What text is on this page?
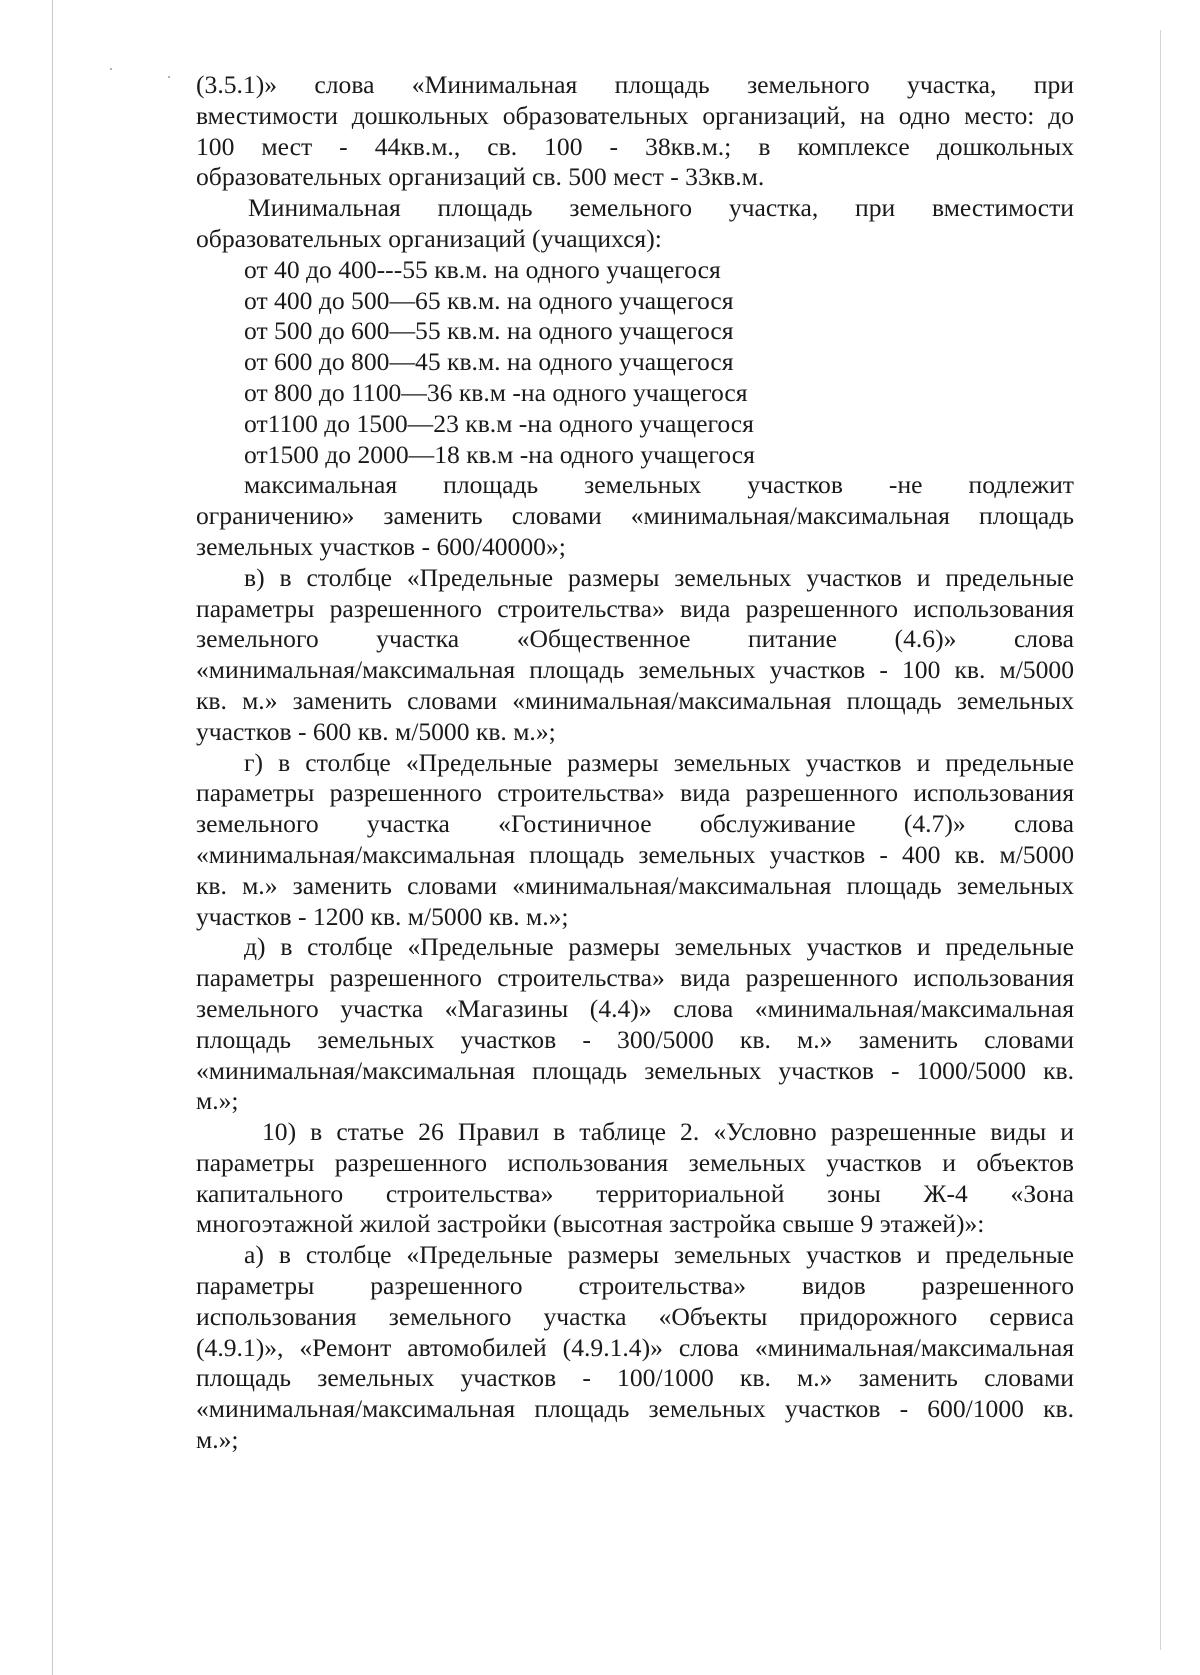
(3.5.1)» слова «Минимальная площадь земельного участка, при
вместимости дошкольных образовательных организаций, на одно место: до
100 мест - 44кв.м., св. 100 - 38кв.м.; в комплексе дошкольных
образовательных организаций св. 500 мест - 33кв.м.
Минимальная площадь земельного участка, при вместимости
образовательных организаций (учащихся):
от 40 до 400---55 кв.м. на одного учащегося
от 400 до 500—65 кв.м. на одного учащегося
от 500 до 600—55 кв.м. на одного учащегося
от 600 до 800—45 кв.м. на одного учащегося
от 800 до 1100—36 кв.м -на одного учащегося
от1100 до 1500—23 кв.м -на одного учащегося
от1500 до 2000—18 кв.м -на одного учащегося
максимальная площадь земельных участков -не подлежит
ограничению» заменить словами «минимальная/максимальная площадь
земельных участков - 600/40000»;
в) в столбце «Предельные размеры земельных участков и предельные
параметры разрешенного строительства» вида разрешенного использования
земельного участка «Общественное питание (4.6)» слова
«минимальная/максимальная площадь земельных участков - 100 кв. м/5000
кв. м.» заменить словами «минимальная/максимальная площадь земельных
участков - 600 кв. м/5000 кв. м.»;
г) в столбце «Предельные размеры земельных участков и предельные
параметры разрешенного строительства» вида разрешенного использования
земельного участка «Гостиничное обслуживание (4.7)» слова
«минимальная/максимальная площадь земельных участков - 400 кв. м/5000
кв. м.» заменить словами «минимальная/максимальная площадь земельных
участков - 1200 кв. м/5000 кв. м.»;
д) в столбце «Предельные размеры земельных участков и предельные
параметры разрешенного строительства» вида разрешенного использования
земельного участка «Магазины (4.4)» слова «минимальная/максимальная
площадь земельных участков - 300/5000 кв. м.» заменить словами
«минимальная/максимальная площадь земельных участков - 1000/5000 кв.
м.»;
10) в статье 26 Правил в таблице 2. «Условно разрешенные виды и
параметры разрешенного использования земельных участков и объектов
капитального строительства» территориальной зоны Ж-4 «Зона
многоэтажной жилой застройки (высотная застройка свыше 9 этажей)»:
а) в столбце «Предельные размеры земельных участков и предельные
параметры разрешенного строительства» видов разрешенного
использования земельного участка «Объекты придорожного сервиса
(4.9.1)», «Ремонт автомобилей (4.9.1.4)» слова «минимальная/максимальная
площадь земельных участков - 100/1000 кв. м.» заменить словами
«минимальная/максимальная площадь земельных участков - 600/1000 кв.
м.»;
